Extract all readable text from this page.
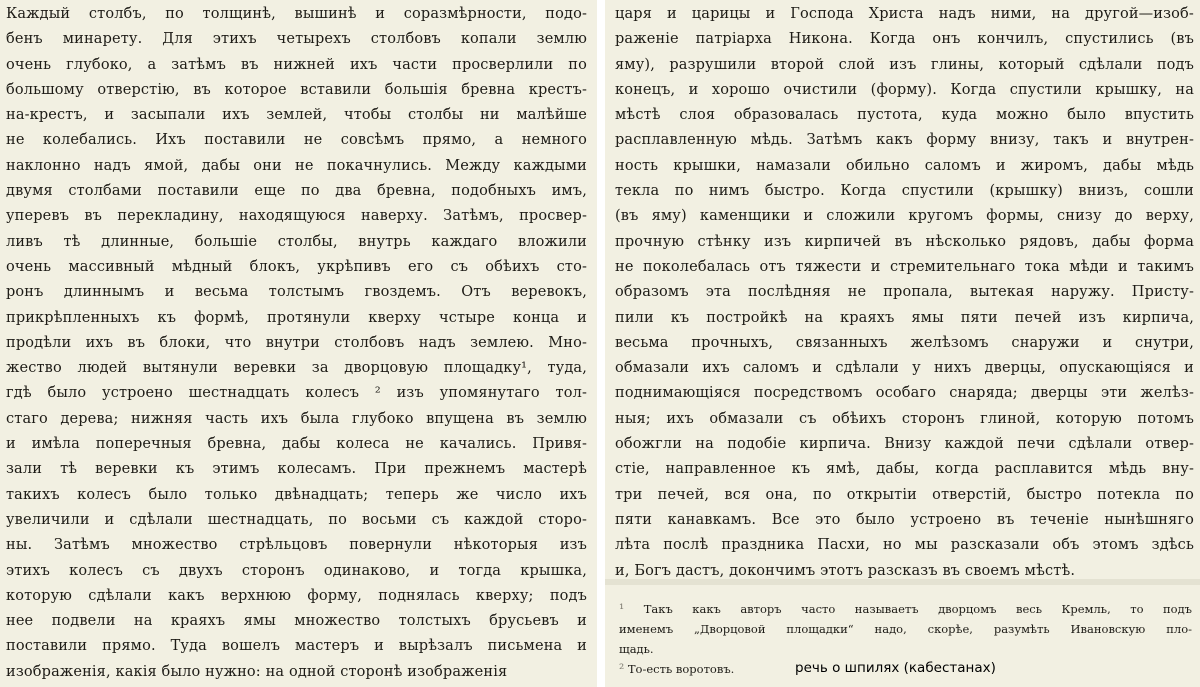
Каждый столбъ, по толщинѣ, вышинѣ и соразмѣрности, подо-
бенъ минарету. Для этихъ четырехъ столбовъ копали землю
очень глубоко, а затѣмъ въ нижней ихъ части просверлили по
большому отверстію, въ которое вставили большія бревна крестъ-
на-крестъ, и засыпали ихъ землей, чтобы столбы ни малѣйше
не колебались. Ихъ поставили не совсѣмъ прямо, а немного
наклонно надъ ямой, дабы они не покачнулись. Между каждыми
двумя столбами поставили еще по два бревна, подобныхъ имъ,
уперевъ въ перекладину, находящуюся наверху. Затѣмъ, просвер-
ливъ тѣ длинные, большіе столбы, внутрь каждаго вложили
очень массивный мѣдный блокъ, укрѣпивъ его съ обѣихъ сто-
ронъ длиннымъ и весьма толстымъ гвоздемъ. Отъ веревокъ,
прикрѣпленныхъ къ формѣ, протянули кверху чстыре конца и
продѣли ихъ въ блоки, что внутри столбовъ надъ землею. Мно-
жество людей вытянули веревки за дворцовую площадку¹, туда,
гдѣ было устроено шестнадцать колесъ ² изъ упомянутаго тол-
стаго дерева; нижняя часть ихъ была глубоко впущена въ землю
и имѣла поперечныя бревна, дабы колеса не качались. Привя-
зали тѣ веревки къ этимъ колесамъ. При прежнемъ мастерѣ
такихъ колесъ было только двѣнадцать; теперь же число ихъ
увеличили и сдѣлали шестнадцать, по восьми съ каждой сторо-
ны. Затѣмъ множество стрѣльцовъ повернули нѣкоторыя изъ
этихъ колесъ съ двухъ сторонъ одинаково, и тогда крышка,
которую сдѣлали какъ верхнюю форму, поднялась кверху; подъ
нее подвели на краяхъ ямы множество толстыхъ брусьевъ и
поставили прямо. Туда вошелъ мастеръ и вырѣзалъ письмена и
изображенія, какія было нужно: на одной сторонѣ изображенія
царя и царицы и Господа Христа надъ ними, на другой—изоб-
раженіе патріарха Никона. Когда онъ кончилъ, спустились (въ
яму), разрушили второй слой изъ глины, который сдѣлали подъ
конецъ, и хорошо очистили (форму). Когда спустили крышку, на
мѣстѣ слоя образовалась пустота, куда можно было впустить
расплавленную мѣдь. Затѣмъ какъ форму внизу, такъ и внутрен-
ность крышки, намазали обильно саломъ и жиромъ, дабы мѣдь
текла по нимъ быстро. Когда спустили (крышку) внизъ, сошли
(въ яму) каменщики и сложили кругомъ формы, снизу до верху,
прочную стѣнку изъ кирпичей въ нѣсколько рядовъ, дабы форма
не поколебалась отъ тяжести и стремительнаго тока мѣди и такимъ
образомъ эта послѣдняя не пропала, вытекая наружу. Присту-
пили къ постройкѣ на краяхъ ямы пяти печей изъ кирпича,
весьма прочныхъ, связанныхъ желѣзомъ снаружи и снутри,
обмазали ихъ саломъ и сдѣлали у нихъ дверцы, опускающіяся и
поднимающіяся посредствомъ особаго снаряда; дверцы эти желѣз-
ныя; ихъ обмазали съ обѣихъ сторонъ глиной, которую потомъ
обожгли на подобіе кирпича. Внизу каждой печи сдѣлали отвер-
стіе, направленное къ ямѣ, дабы, когда расплавится мѣдь вну-
три печей, вся она, по открытіи отверстій, быстро потекла по
пяти канавкамъ. Все это было устроено въ теченіе нынѣшняго
лѣта послѣ праздника Пасхи, но мы разсказали объ этомъ здѣсь
и, Богъ дастъ, докончимъ этотъ разсказъ въ своемъ мѣстѣ.
¹ Такъ какъ авторъ часто называетъ дворцомъ весь Кремль, то подъ
именемъ „Дворцовой площадки“ надо, скорѣе, разумѣть Ивановскую пло-
щадь.
² То-есть воротовъ.	речь о шпилях (кабестанах)
